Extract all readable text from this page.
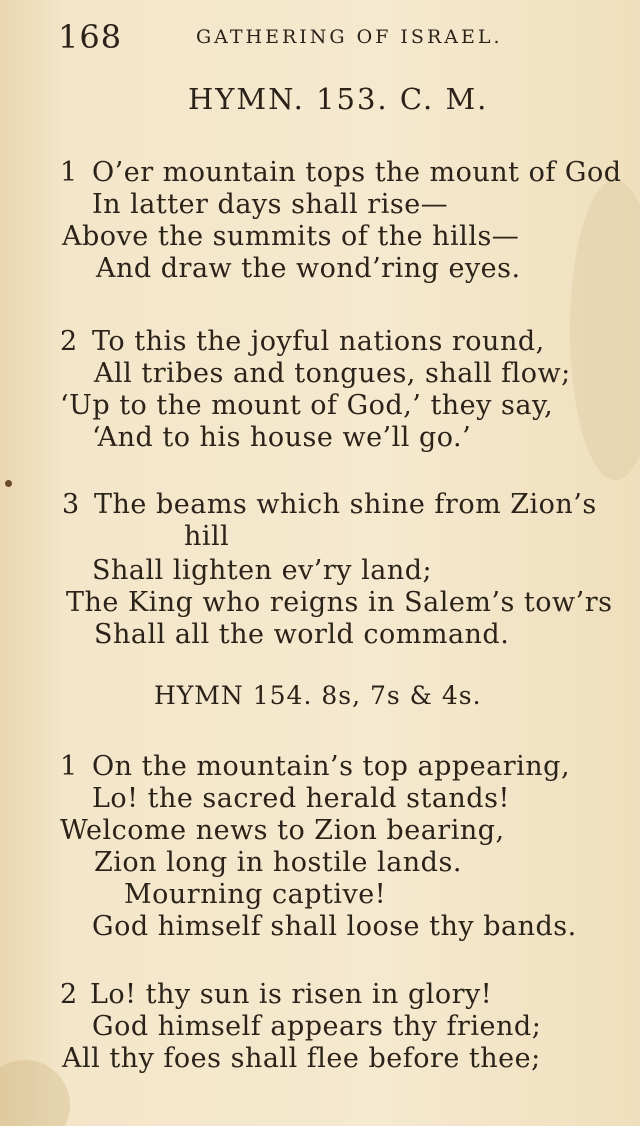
168	GATHERING OF ISRAEL.
HYMN. 153. C. M.
1 O’er mountain tops the mount of God
In latter days shall rise—
Above the summits of the hills—
And draw the wond’ring eyes.
2 To this the joyful nations round,
All tribes and tongues, shall flow;
‘Up to the mount of God,’ they say,
‘And to his house we’ll go.’
3 The beams which shine from Zion’s
hill
Shall lighten ev’ry land;
The King who reigns in Salem’s tow’rs
Shall all the world command.
HYMN 154. 8s, 7s & 4s.
1 On the mountain’s top appearing,
Lo! the sacred herald stands!
Welcome news to Zion bearing,
Zion long in hostile lands.
Mourning captive!
God himself shall loose thy bands.
2 Lo! thy sun is risen in glory!
God himself appears thy friend;
All thy foes shall flee before thee;
